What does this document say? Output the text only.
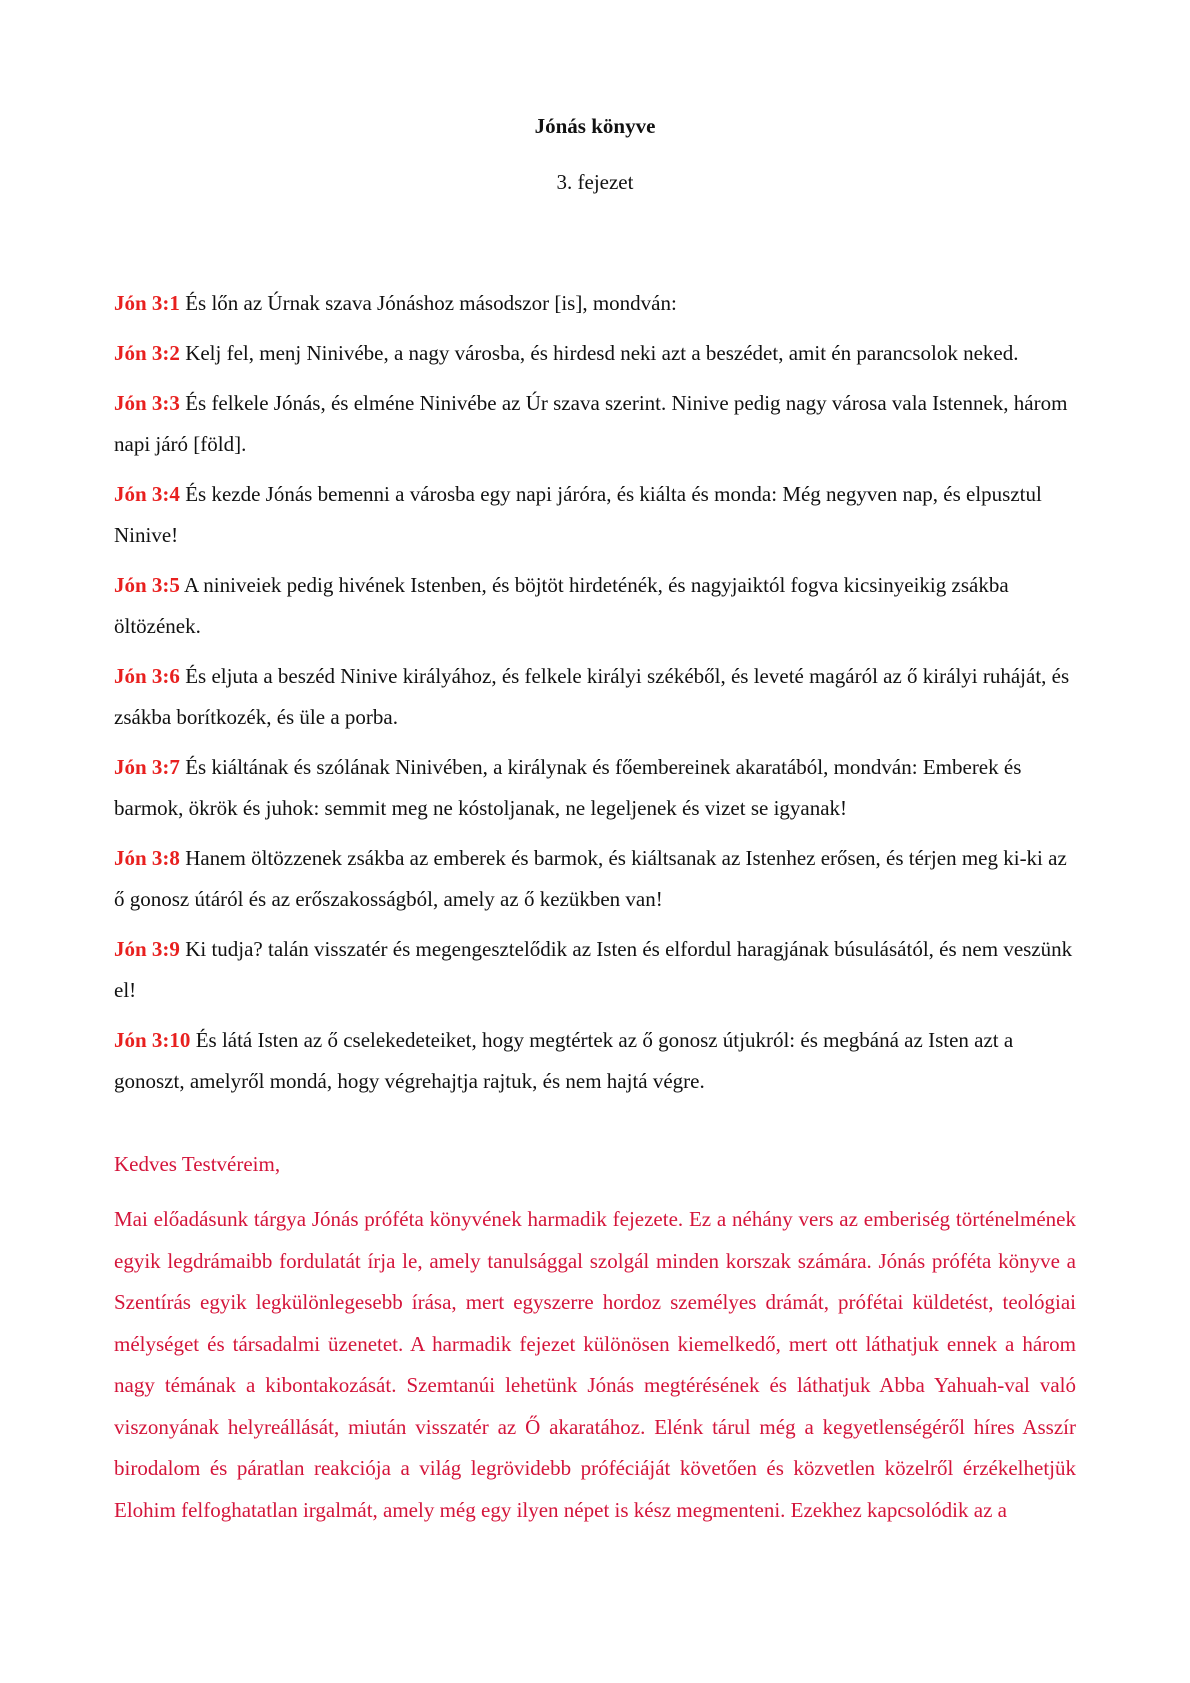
Jónás könyve
3. fejezet

Jón 3:1 És lőn az Úrnak szava Jónáshoz másodszor [is], mondván:

Jón 3:2 Kelj fel, menj Ninivébe, a nagy városba, és hirdesd neki azt a beszédet, amit én parancsolok neked.

Jón 3:3 És felkele Jónás, és elméne Ninivébe az Úr szava szerint. Ninive pedig nagy városa vala Istennek, három napi járó [föld].

Jón 3:4 És kezde Jónás bemenni a városba egy napi járóra, és kiálta és monda: Még negyven nap, és elpusztul Ninive!

Jón 3:5 A niniveiek pedig hivének Istenben, és böjtöt hirdeténék, és nagyjaiktól fogva kicsinyeikig zsákba öltözének.

Jón 3:6 És eljuta a beszéd Ninive királyához, és felkele királyi székéből, és leveté magáról az ő királyi ruháját, és zsákba borítkozék, és üle a porba.

Jón 3:7 És kiáltának és szólának Ninivében, a királynak és főembereinek akaratából, mondván: Emberek és barmok, ökrök és juhok: semmit meg ne kóstoljanak, ne legeljenek és vizet se igyanak!

Jón 3:8 Hanem öltözzenek zsákba az emberek és barmok, és kiáltsanak az Istenhez erősen, és térjen meg ki-ki az ő gonosz útáról és az erőszakosságból, amely az ő kezükben van!

Jón 3:9 Ki tudja? talán visszatér és megengesztelődik az Isten és elfordul haragjának búsulásától, és nem veszünk el!

Jón 3:10 És látá Isten az ő cselekedeteiket, hogy megtértek az ő gonosz útjukról: és megbáná az Isten azt a gonoszt, amelyről mondá, hogy végrehajtja rajtuk, és nem hajtá végre.

Kedves Testvéreim,
Mai előadásunk tárgya Jónás próféta könyvének harmadik fejezete. Ez a néhány vers az emberiség történelmének egyik legdrámaibb fordulatát írja le, amely tanulsággal szolgál minden korszak számára. Jónás próféta könyve a Szentírás egyik legkülönlegesebb írása, mert egyszerre hordoz személyes drámát, prófétai küldetést, teológiai mélységet és társadalmi üzenetet. A harmadik fejezet különösen kiemelkedő, mert ott láthatjuk ennek a három nagy témának a kibontakozását. Szemtanúi lehetünk Jónás megtérésének és láthatjuk Abba Yahuah-val való viszonyának helyreállását, miután visszatér az Ő akaratához. Elénk tárul még a kegyetlenségéről híres Asszír birodalom és páratlan reakciója a világ legrövidebb próféciáját követően és közvetlen közelről érzékelhetjük Elohim felfoghatatlan irgalmát, amely még egy ilyen népet is kész megmenteni. Ezekhez kapcsolódik az a
